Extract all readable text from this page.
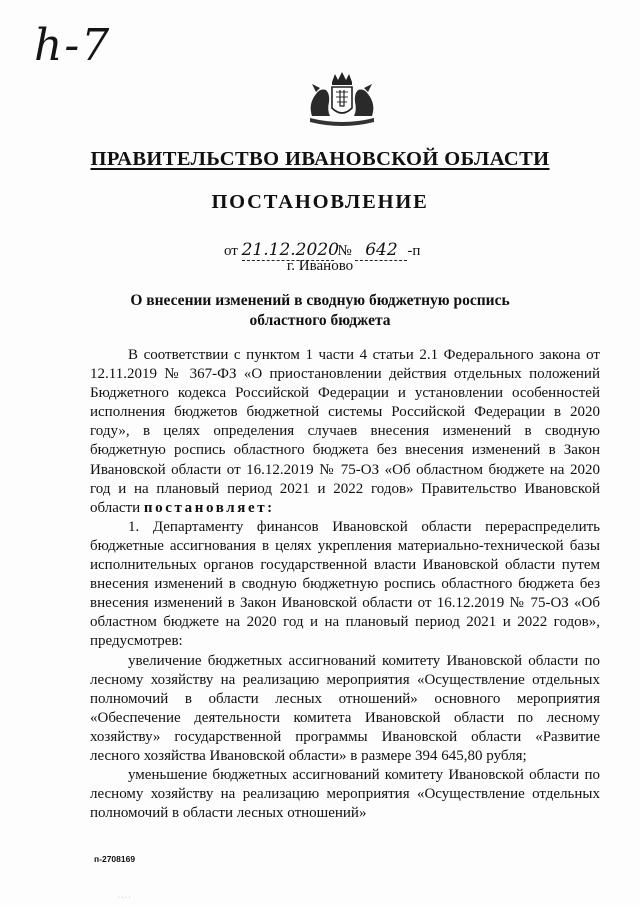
h-7
ПРАВИТЕЛЬСТВО ИВАНОВСКОЙ ОБЛАСТИ
ПОСТАНОВЛЕНИЕ
от 21.12.2020 № 642 -п
г. Иваново
О внесении изменений в сводную бюджетную роспись
областного бюджета

В соответствии с пунктом 1 части 4 статьи 2.1 Федерального закона от 12.11.2019 № 367-ФЗ «О приостановлении действия отдельных положений Бюджетного кодекса Российской Федерации и установлении особенностей исполнения бюджетов бюджетной системы Российской Федерации в 2020 году», в целях определения случаев внесения изменений в сводную бюджетную роспись областного бюджета без внесения изменений в Закон Ивановской области от 16.12.2019 № 75-ОЗ «Об областном бюджете на 2020 год и на плановый период 2021 и 2022 годов» Правительство Ивановской области постановляет:

1. Департаменту финансов Ивановской области перераспределить бюджетные ассигнования в целях укрепления материально-технической базы исполнительных органов государственной власти Ивановской области путем внесения изменений в сводную бюджетную роспись областного бюджета без внесения изменений в Закон Ивановской области от 16.12.2019 № 75-ОЗ «Об областном бюджете на 2020 год и на плановый период 2021 и 2022 годов», предусмотрев:

увеличение бюджетных ассигнований комитету Ивановской области по лесному хозяйству на реализацию мероприятия «Осуществление отдельных полномочий в области лесных отношений» основного мероприятия «Обеспечение деятельности комитета Ивановской области по лесному хозяйству» государственной программы Ивановской области «Развитие лесного хозяйства Ивановской области» в размере 394 645,80 рубля;

уменьшение бюджетных ассигнований комитету Ивановской области по лесному хозяйству на реализацию мероприятия «Осуществление отдельных полномочий в области лесных отношений»

п-2708169
· · · ·
